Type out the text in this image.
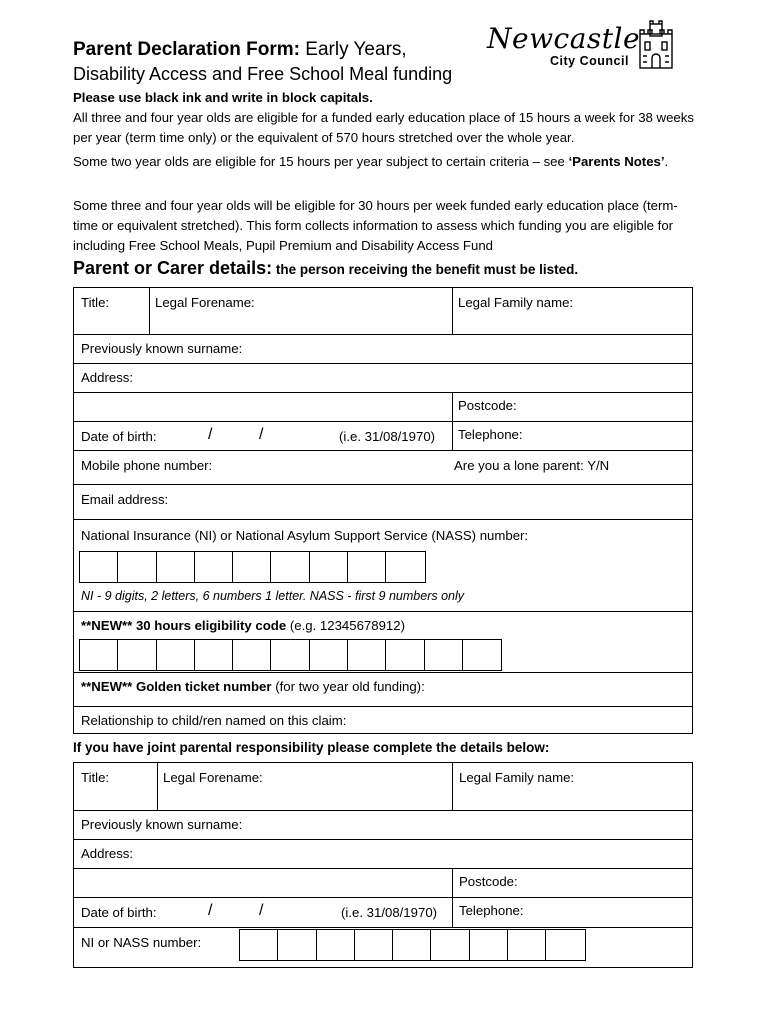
Parent Declaration Form: Early Years,
Disability Access and Free School Meal funding
Newcastle
City Council
Please use black ink and write in block capitals.
All three and four year olds are eligible for a funded early education place of 15 hours a week for 38 weeks per year (term time only) or the equivalent of 570 hours stretched over the whole year.
Some two year olds are eligible for 15 hours per year subject to certain criteria – see ‘Parents Notes’.
Some three and four year olds will be eligible for 30 hours per week funded early education place (term-time or equivalent stretched). This form collects information to assess which funding you are eligible for including Free School Meals, Pupil Premium and Disability Access Fund
Parent or Carer details: the person receiving the benefit must be listed.
Title:	Legal Forename:	Legal Family name:
Previously known surname:
Address:
Postcode:
Date of birth:	/	/	(i.e. 31/08/1970) Telephone:
Mobile phone number:	Are you a lone parent: Y/N
Email address:
National Insurance (NI) or National Asylum Support Service (NASS) number:
NI - 9 digits, 2 letters, 6 numbers 1 letter. NASS - first 9 numbers only
**NEW** 30 hours eligibility code (e.g. 12345678912)
**NEW** Golden ticket number (for two year old funding):
Relationship to child/ren named on this claim:
If you have joint parental responsibility please complete the details below:
Title:	Legal Forename:	Legal Family name:
Previously known surname:
Address:
Postcode:
Date of birth:	/	/	(i.e. 31/08/1970) Telephone:
NI or NASS number:
